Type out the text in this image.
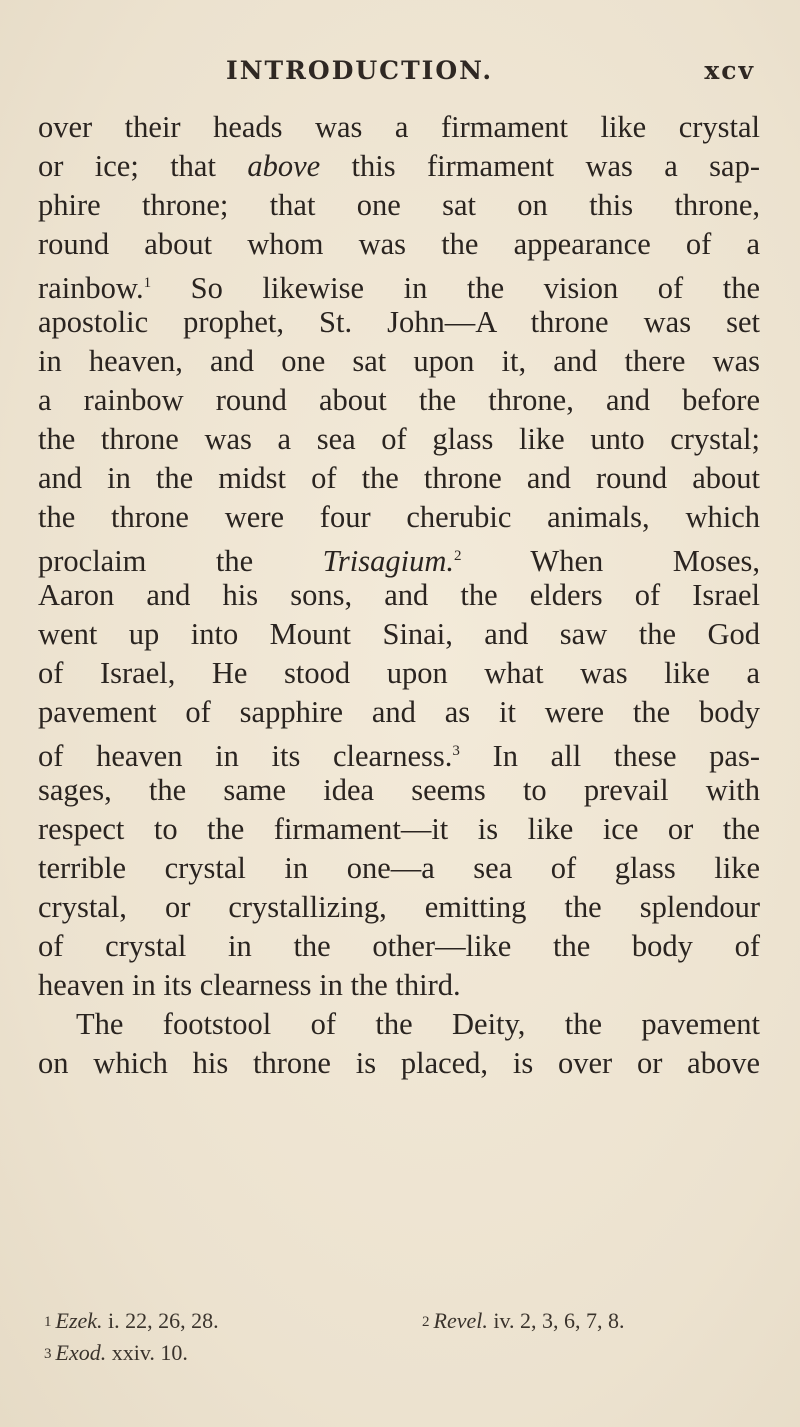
INTRODUCTION.	xcv
over their heads was a firmament like crystal
or ice; that above this firmament was a sap-
phire throne; that one sat on this throne,
round about whom was the appearance of a
rainbow.$^1$ So likewise in the vision of the
apostolic prophet, St. John—A throne was set
in heaven, and one sat upon it, and there was
a rainbow round about the throne, and before
the throne was a sea of glass like unto crystal;
and in the midst of the throne and round about
the throne were four cherubic animals, which
proclaim the Trisagium.$^2$ When Moses,
Aaron and his sons, and the elders of Israel
went up into Mount Sinai, and saw the God
of Israel, He stood upon what was like a
pavement of sapphire and as it were the body
of heaven in its clearness.$^3$ In all these pas-
sages, the same idea seems to prevail with
respect to the firmament—it is like ice or the
terrible crystal in one—a sea of glass like
crystal, or crystallizing, emitting the splendour
of crystal in the other—like the body of
heaven in its clearness in the third.
The footstool of the Deity, the pavement
on which his throne is placed, is over or above
1 Ezek. i. 22, 26, 28.	2 Revel. iv. 2, 3, 6, 7, 8.
3 Exod. xxiv. 10.
